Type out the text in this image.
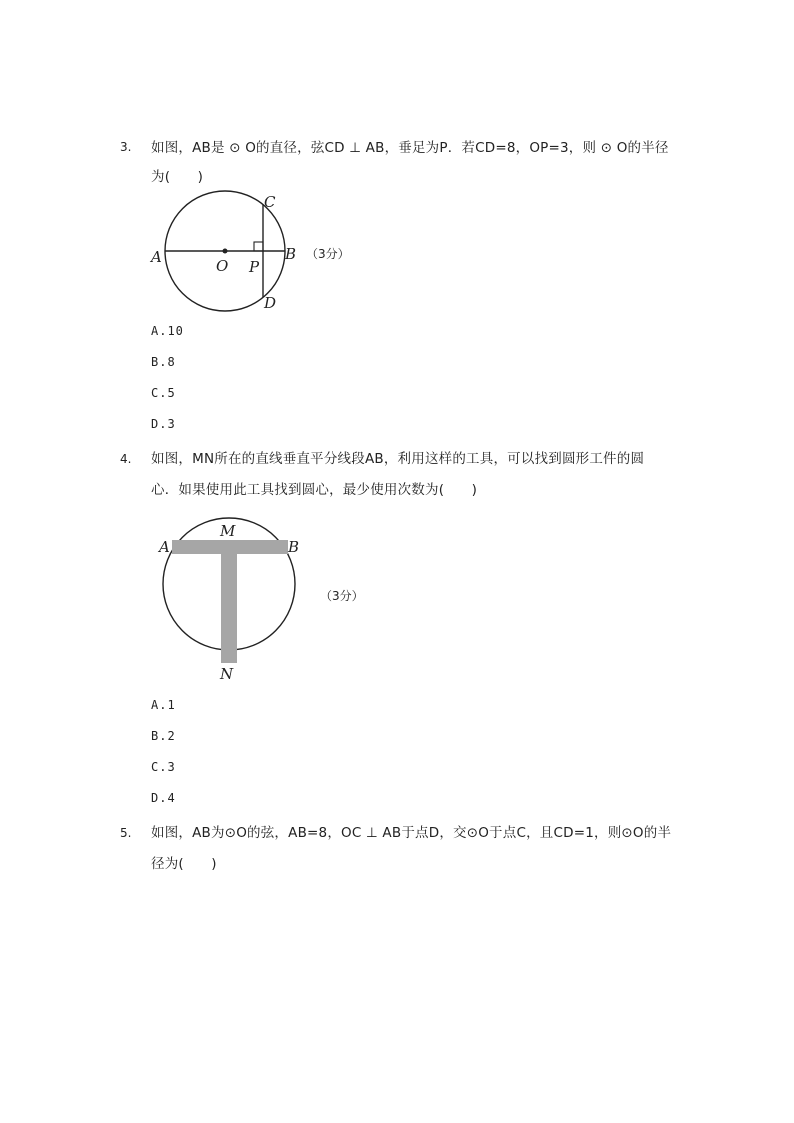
3. 如图，AB是 ⊙ O的直径，弦CD ⊥ AB，垂足为P．若CD=8，OP=3，则 ⊙ O的半径
为(　　)
A	O P
B
C
D
（3分）
A.10
B.8
C.5
D.3
4. 如图，MN所在的直线垂直平分线段AB，利用这样的工具，可以找到圆形工件的圆
心．如果使用此工具找到圆心，最少使用次数为(　　)
A
M
B
N
（3分）
A.1
B.2
C.3
D.4
5. 如图，AB为⊙O的弦，AB=8，OC ⊥ AB于点D，交⊙O于点C，且CD=1，则⊙O的半
径为(　　)
